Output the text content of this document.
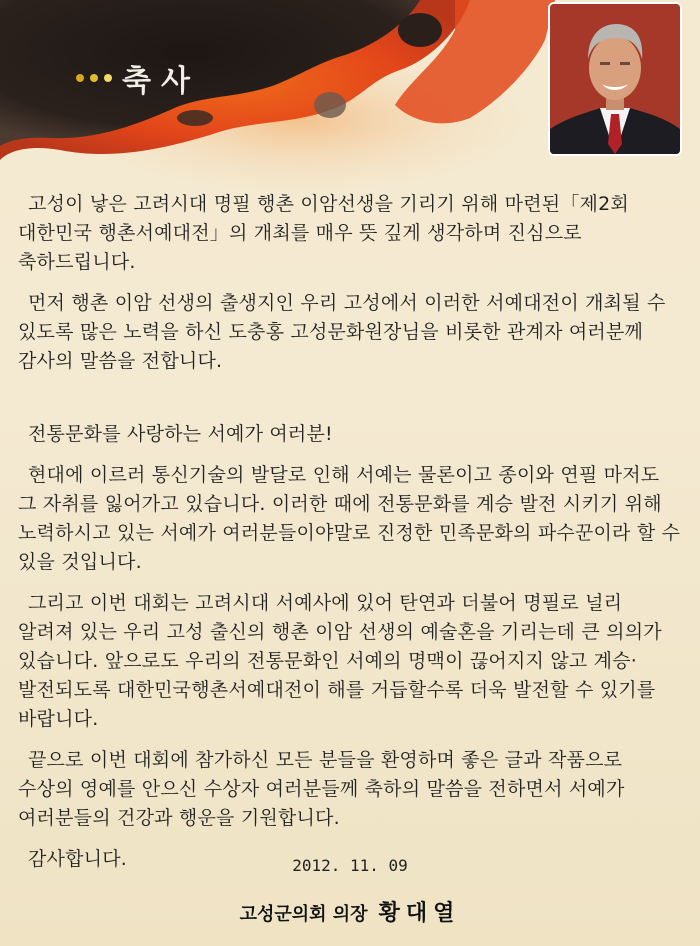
축사

고성이 낳은 고려시대 명필 행촌 이암선생을 기리기 위해 마련된「제2회 대한민국 행촌서예대전」의 개최를 매우 뜻 깊게 생각하며 진심으로 축하드립니다.

먼저 행촌 이암 선생의 출생지인 우리 고성에서 이러한 서예대전이 개최될 수 있도록 많은 노력을 하신 도충홍 고성문화원장님을 비롯한 관계자 여러분께 감사의 말씀을 전합니다.

전통문화를 사랑하는 서예가 여러분!

현대에 이르러 통신기술의 발달로 인해 서예는 물론이고 종이와 연필 마저도 그 자취를 잃어가고 있습니다. 이러한 때에 전통문화를 계승 발전 시키기 위해 노력하시고 있는 서예가 여러분들이야말로 진정한 민족문화의 파수꾼이라 할 수 있을 것입니다.

그리고 이번 대회는 고려시대 서예사에 있어 탄연과 더불어 명필로 널리 알려져 있는 우리 고성 출신의 행촌 이암 선생의 예술혼을 기리는데 큰 의의가 있습니다. 앞으로도 우리의 전통문화인 서예의 명맥이 끊어지지 않고 계승·발전되도록 대한민국행촌서예대전이 해를 거듭할수록 더욱 발전할 수 있기를 바랍니다.

끝으로 이번 대회에 참가하신 모든 분들을 환영하며 좋은 글과 작품으로 수상의 영예를 안으신 수상자 여러분들께 축하의 말씀을 전하면서 서예가 여러분들의 건강과 행운을 기원합니다.

감사합니다.	2012. 11. 09
고성군의회 의장 황대열
